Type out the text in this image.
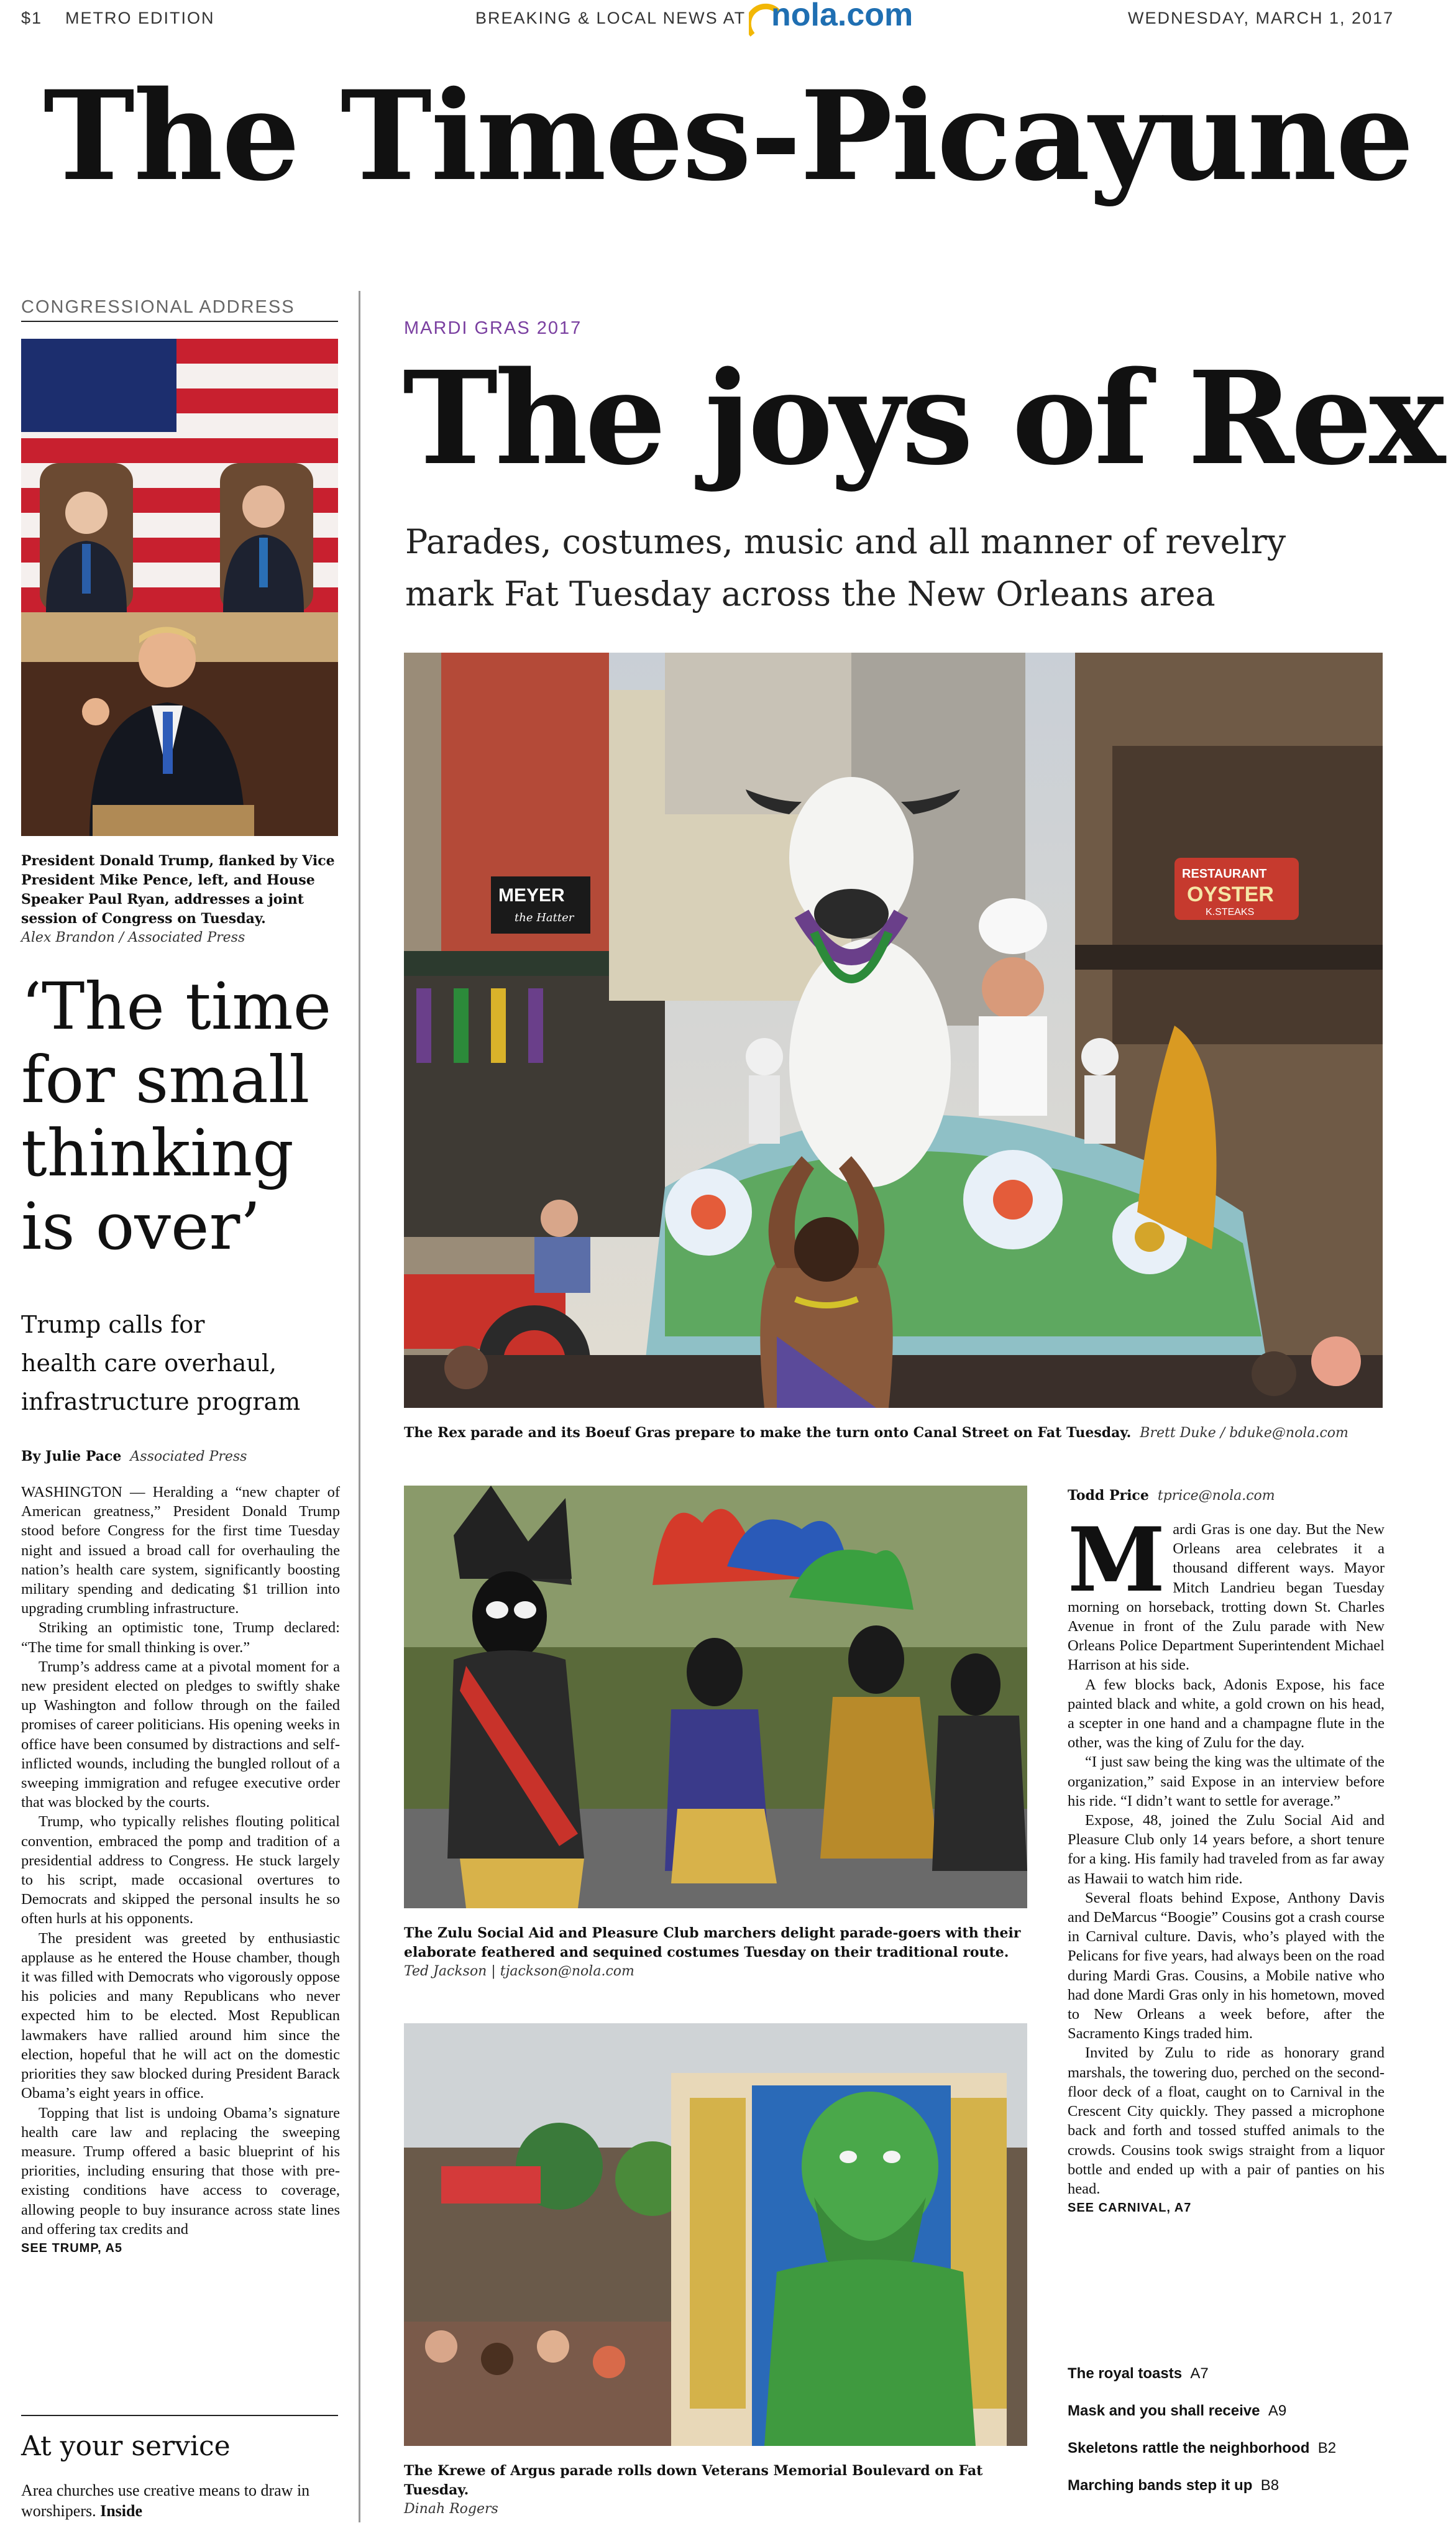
$1 METRO EDITION	BREAKING & LOCAL NEWS AT nola.com	WEDNESDAY, MARCH 1, 2017
The Times-Picayune
CONGRESSIONAL ADDRESS
President Donald Trump, flanked by Vice President Mike Pence, left, and House Speaker Paul Ryan, addresses a joint session of Congress on Tuesday.
Alex Brandon / Associated Press
‘The time
for small
thinking
is over’
Trump calls for
health care overhaul,
infrastructure program
By Julie Pace Associated Press

WASHINGTON — Heralding a “new chapter of American greatness,” President Donald Trump stood before Congress for the first time Tuesday night and issued a broad call for overhauling the nation’s health care system, significantly boosting military spending and dedicating $1 trillion into upgrading crumbling infrastructure.

Striking an optimistic tone, Trump declared: “The time for small thinking is over.”

Trump’s address came at a pivotal moment for a new president elected on pledges to swiftly shake up Washington and follow through on the failed promises of career politicians. His opening weeks in office have been consumed by distractions and self-inflicted wounds, including the bungled rollout of a sweeping immigration and refugee executive order that was blocked by the courts.

Trump, who typically relishes flouting political convention, embraced the pomp and tradition of a presidential address to Congress. He stuck largely to his script, made occasional overtures to Democrats and skipped the personal insults he so often hurls at his opponents.

The president was greeted by enthusiastic applause as he entered the House chamber, though it was filled with Democrats who vigorously oppose his policies and many Republicans who never expected him to be elected. Most Republican lawmakers have rallied around him since the election, hopeful that he will act on the domestic priorities they saw blocked during President Barack Obama’s eight years in office.

Topping that list is undoing Obama’s signature health care law and replacing the sweeping measure. Trump offered a basic blueprint of his priorities, including ensuring that those with pre-existing conditions have access to coverage, allowing people to buy insurance across state lines and offering tax credits and

SEE TRUMP, A5
At your service
Area churches use creative means to draw in worshipers. Inside
MARDI GRAS 2017
The joys of Rex
Parades, costumes, music and all manner of revelry
mark Fat Tuesday across the New Orleans area
MEYER
the Hatter
RESTAURANT
OYSTER
K.STEAKS
The Rex parade and its Boeuf Gras prepare to make the turn onto Canal Street on Fat Tuesday. Brett Duke / bduke@nola.com
The Zulu Social Aid and Pleasure Club marchers delight parade-goers with their elaborate feathered and sequined costumes Tuesday on their traditional route.
Ted Jackson | tjackson@nola.com
The Krewe of Argus parade rolls down Veterans Memorial Boulevard on Fat Tuesday.
Dinah Rogers
Todd Price tprice@nola.com

Mardi Gras is one day. But the New Orleans area celebrates it a thousand different ways. Mayor Mitch Landrieu began Tuesday morning on horseback, trotting down St. Charles Avenue in front of the Zulu parade with New Orleans Police Department Superintendent Michael Harrison at his side.

A few blocks back, Adonis Expose, his face painted black and white, a gold crown on his head, a scepter in one hand and a champagne flute in the other, was the king of Zulu for the day.

“I just saw being the king was the ultimate of the organization,” said Expose in an interview before his ride. “I didn’t want to settle for average.”

Expose, 48, joined the Zulu Social Aid and Pleasure Club only 14 years before, a short tenure for a king. His family had traveled from as far away as Hawaii to watch him ride.

Several floats behind Expose, Anthony Davis and DeMarcus “Boogie” Cousins got a crash course in Carnival culture. Davis, who’s played with the Pelicans for five years, had always been on the road during Mardi Gras. Cousins, a Mobile native who had done Mardi Gras only in his hometown, moved to New Orleans a week before, after the Sacramento Kings traded him.

Invited by Zulu to ride as honorary grand marshals, the towering duo, perched on the second-floor deck of a float, caught on to Carnival in the Crescent City quickly. They passed a microphone back and forth and tossed stuffed animals to the crowds. Cousins took swigs straight from a liquor bottle and ended up with a pair of panties on his head.

SEE CARNIVAL, A7
The royal toasts A7
Mask and you shall receive A9
Skeletons rattle the neighborhood B2
Marching bands step it up B8
